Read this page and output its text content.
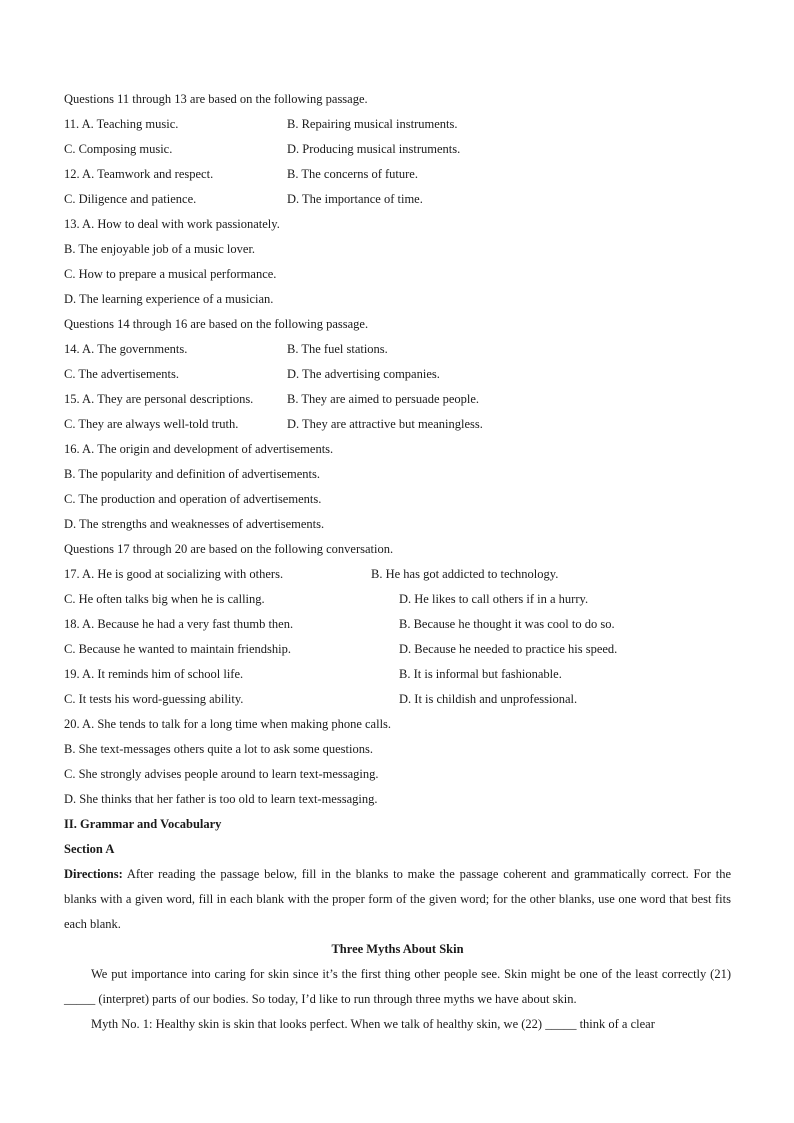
Questions 11 through 13 are based on the following passage.
11. A. Teaching music.	B. Repairing musical instruments.
C. Composing music.	D. Producing musical instruments.
12. A. Teamwork and respect.	B. The concerns of future.
C. Diligence and patience.	D. The importance of time.
13. A. How to deal with work passionately.
B. The enjoyable job of a music lover.
C. How to prepare a musical performance.
D. The learning experience of a musician.
Questions 14 through 16 are based on the following passage.
14. A. The governments.	B. The fuel stations.
C. The advertisements.	D. The advertising companies.
15. A. They are personal descriptions.	B. They are aimed to persuade people.
C. They are always well-told truth.	D. They are attractive but meaningless.
16. A. The origin and development of advertisements.
B. The popularity and definition of advertisements.
C. The production and operation of advertisements.
D. The strengths and weaknesses of advertisements.
Questions 17 through 20 are based on the following conversation.
17. A. He is good at socializing with others.	B. He has got addicted to technology.
C. He often talks big when he is calling.	D. He likes to call others if in a hurry.
18. A. Because he had a very fast thumb then.	B. Because he thought it was cool to do so.
C. Because he wanted to maintain friendship.	D. Because he needed to practice his speed.
19. A. It reminds him of school life.	B. It is informal but fashionable.
C. It tests his word-guessing ability.	D. It is childish and unprofessional.
20. A. She tends to talk for a long time when making phone calls.
B. She text-messages others quite a lot to ask some questions.
C. She strongly advises people around to learn text-messaging.
D. She thinks that her father is too old to learn text-messaging.
II. Grammar and Vocabulary
Section A
Directions: After reading the passage below, fill in the blanks to make the passage coherent and grammatically correct. For the blanks with a given word, fill in each blank with the proper form of the given word; for the other blanks, use one word that best fits each blank.
Three Myths About Skin
We put importance into caring for skin since it’s the first thing other people see. Skin might be one of the least correctly (21) _____ (interpret) parts of our bodies. So today, I’d like to run through three myths we have about skin.
Myth No. 1: Healthy skin is skin that looks perfect. When we talk of healthy skin, we (22) _____ think of a clear
